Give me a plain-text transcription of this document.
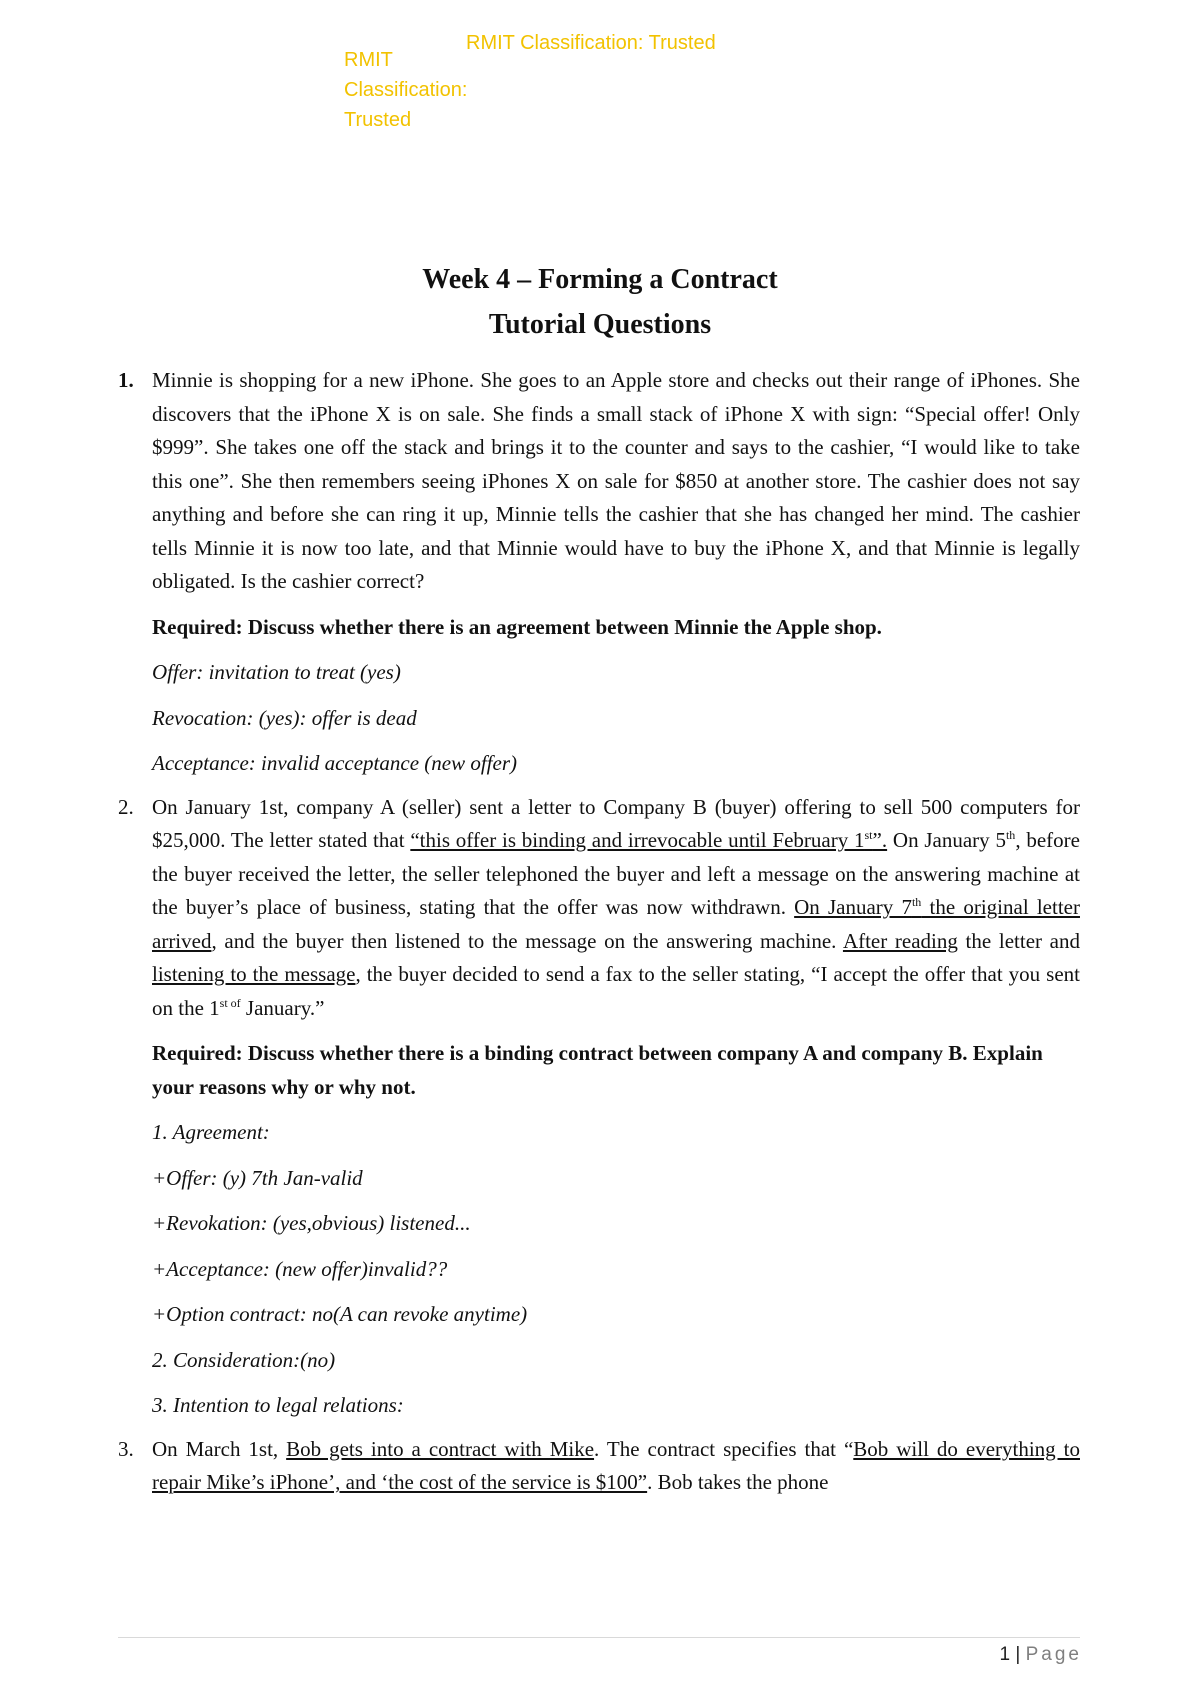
RMIT Classification: Trusted
RMIT Classification: Trusted
Week 4 – Forming a Contract
Tutorial Questions
1. Minnie is shopping for a new iPhone. She goes to an Apple store and checks out their range of iPhones. She discovers that the iPhone X is on sale. She finds a small stack of iPhone X with sign: “Special offer! Only $999”. She takes one off the stack and brings it to the counter and says to the cashier, “I would like to take this one”. She then remembers seeing iPhones X on sale for $850 at another store. The cashier does not say anything and before she can ring it up, Minnie tells the cashier that she has changed her mind. The cashier tells Minnie it is now too late, and that Minnie would have to buy the iPhone X, and that Minnie is legally obligated. Is the cashier correct?
Required: Discuss whether there is an agreement between Minnie the Apple shop.
Offer: invitation to treat (yes)
Revocation: (yes): offer is dead
Acceptance: invalid acceptance (new offer)
2. On January 1st, company A (seller) sent a letter to Company B (buyer) offering to sell 500 computers for $25,000. The letter stated that “this offer is binding and irrevocable until February 1st”. On January 5th, before the buyer received the letter, the seller telephoned the buyer and left a message on the answering machine at the buyer’s place of business, stating that the offer was now withdrawn. On January 7th the original letter arrived, and the buyer then listened to the message on the answering machine. After reading the letter and listening to the message, the buyer decided to send a fax to the seller stating, “I accept the offer that you sent on the $1^{st of}$ January.”
Required: Discuss whether there is a binding contract between company A and company B. Explain your reasons why or why not.
1. Agreement:
+Offer: (y) 7th Jan-valid
+Revokation: (yes,obvious) listened...
+Acceptance: (new offer)invalid??
+Option contract: no(A can revoke anytime)
2. Consideration:(no)
3. Intention to legal relations:
3. On March 1st, Bob gets into a contract with Mike. The contract specifies that “Bob will do everything to repair Mike’s iPhone’, and ‘the cost of the service is $100”. Bob takes the phone
1 | Page
